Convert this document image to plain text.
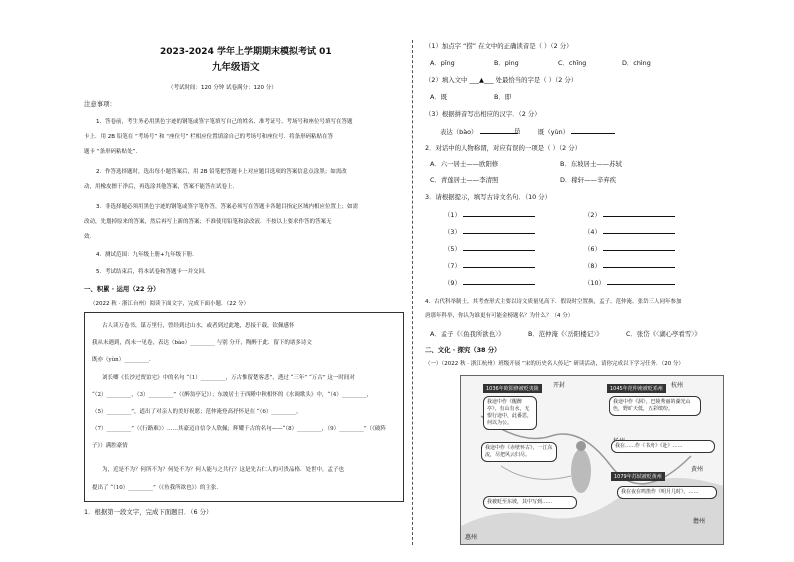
2023-2024 学年上学期期末模拟考试 01
九年级语文
（考试时间：120 分钟 试卷满分：120 分）
注意事项：
1．答卷前，考生务必用黑色字迹的钢笔或签字笔填写自己的姓名、准考证号、考场号和座位号填写在答题
卡上．用 2B 铅笔在 “考场号” 和 “座位号” 栏相应位置填涂自己的考场号和座位号．将条形码粘贴在答
题卡 “条形码粘贴处”．
2．作答选择题时，选出每小题答案后，用 2B 铅笔把答题卡上对应题目选项的答案信息点涂黑；如需改
动，用橡皮擦干净后，再选涂其他答案，答案不能答在试卷上．
3．非选择题必须用黑色字迹的钢笔或签字笔作答，答案必须写在答题卡各题目指定区域内相应位置上；如需
改动，先划掉原来的答案，然后再写上新的答案；不准使用铅笔和涂改液．不按以上要求作答的答案无
效．
4．测试范围：九年级上册+九年级下册．
5．考试结束后，将本试卷和答题卡一并交回．
一、积累 · 运用（22 分）
（2022 秋 · 浙江台州）阅读下面文字，完成下面小题．（22 分）
古人读万卷书，谋万里行，曾经到过山水，或者到过此地，思接千载，钦佩感怀
我从未遇到，尚未一见卷，表达（bào）_________ 与别 分开，陶醉于此．留下的诸多诗文
既亦（yùn）_________．
刘长卿《长沙过贾谊宅》中的名句 “（1）_________，万古惟留楚客悲”，透过 “三年” “万古” 这一时间对
“（2）_________，（3）_________”（《醉翁亭记》）；东坡居士于西陲中秋相怀的《水调歌头》中，“（4）_________，
（5）_________”，道出了对亲人的美好祝愿；范仲淹登高抒怀是在 “（6）_________，
（7）_________”（《行路难》）……其豪迈自信令人欣佩；辉耀千古的名句——“（8）_________，（9）_________”（《破阵
子》）满腔豪情
为，近是不为？何所不为？何处不为？何人能与之共行？这是先古仁人的可贵品格．处世中，孟子也
提出了 “（10）_________”（《鱼我所欲也》）的主张．
1．根据第一段文字，完成下面题目．（6 分）
（1）加点字 “捞” 在文中的正确读音是（ ）（2 分）
A．pīng	B．pìng	C．chīng	D．chìng
（2）填入文中 ___▲___ 处最恰当的字是（ ）（2 分）
A．既	B．即
（3）根据拼音写出相应的汉字．（2 分）
表达（bào）	员	既（yùn）
2．对话中的人物称谓，对应有误的一项是（ ）（2 分）
A．六一居士——欧阳修	B．东坡居士——苏轼
C．青莲居士——李清照	D．稼轩——辛弃疾
3．请根据提示，填写古诗文名句．（10 分）
（1）	（2）
（3）	（4）
（5）	（6）
（7）	（8）
（9）	（10）
4．古代科举制士，其考查形式主要以诗文质量见高下．假设时空置换，孟子、范仲淹、张岱三人同年参加
唐那年科举，你认为谁更有可能金榜题名？为什么？（4 分）
A．孟子《〈鱼我所欲也〉》	B．范仲淹《〈岳阳楼记〉》	C．张岱《〈湖心亭看雪〉》
二、文化 · 探究（38 分）
（一）（2022 秋 · 浙江杭州）班级开展 “宋的历史名人传记” 研读活动，请你完成以下学习任务．（20 分）
开封
黄州
惠州
儋州
杭州
1036年欧阳修被贬夷陵	1045年范仲淹被贬邓州
1079年苏轼被贬黄州
我途中作《醒醉亭》，有山有水，无恨行途中，此番思，何以为公。
我途中作《洞》，巴陵秀丽的湖光山色，野旷天低，五彩缤纷。
我途中作《赤壁怀古》，一江东流，尽把风云归尽。
我在……作《书舟》《赴》……
我在夜在鸣笛作《明月几时》，……
我被贬至东坡，其中写到……
